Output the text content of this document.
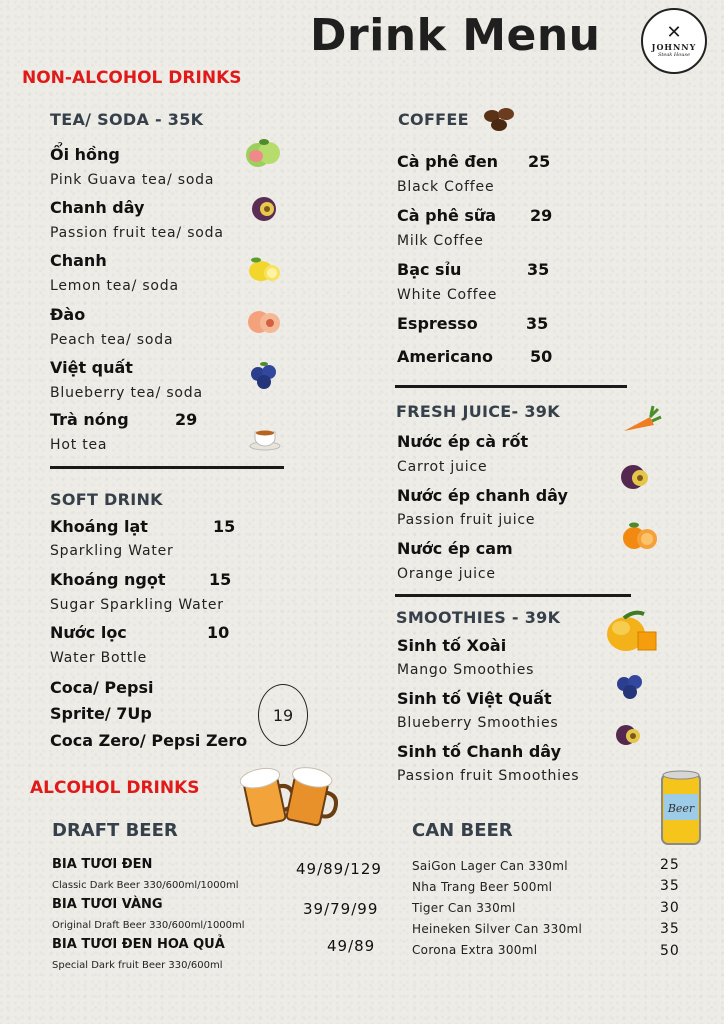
Drink Menu	✕
JOHNNY
Steak House
NON-ALCOHOL DRINKS
TEA/ SODA - 35K
Ổi hồng
Pink Guava tea/ soda
Chanh dây
Passion fruit tea/ soda
Chanh
Lemon tea/ soda
Đào
Peach tea/ soda
Việt quất
Blueberry tea/ soda
Trà nóng	29
Hot tea
SOFT DRINK
Khoáng lạt	15
Sparkling Water
Khoáng ngọt	15
Sugar Sparkling Water
Nước lọc	10
Water Bottle
Coca/ Pepsi
Sprite/ 7Up
Coca Zero/ Pepsi Zero
19
ALCOHOL DRINKS
DRAFT BEER
BIA TƯƠI ĐEN	49/89/129
Classic Dark Beer 330/600ml/1000ml
BIA TƯƠI VÀNG	39/79/99
Original Draft Beer 330/600ml/1000ml
BIA TƯƠI ĐEN HOA QUẢ	49/89
Special Dark fruit Beer 330/600ml
COFFEE
Cà phê đen 25
Black Coffee
Cà phê sữa 29
Milk Coffee
Bạc sỉu	35
White Coffee
Espresso	35
Americano 50
FRESH JUICE- 39K
Nước ép cà rốt
Carrot juice
Nước ép chanh dây
Passion fruit juice
Nước ép cam
Orange juice
SMOOTHIES - 39K
Sinh tố Xoài
Mango Smoothies
Sinh tố Việt Quất
Blueberry Smoothies
Sinh tố Chanh dây
Passion fruit Smoothies
Beer
CAN BEER
SaiGon Lager Can 330ml	25
Nha Trang Beer 500ml	35
Tiger Can 330ml	30
Heineken Silver Can 330ml	35
Corona Extra 300ml	50
